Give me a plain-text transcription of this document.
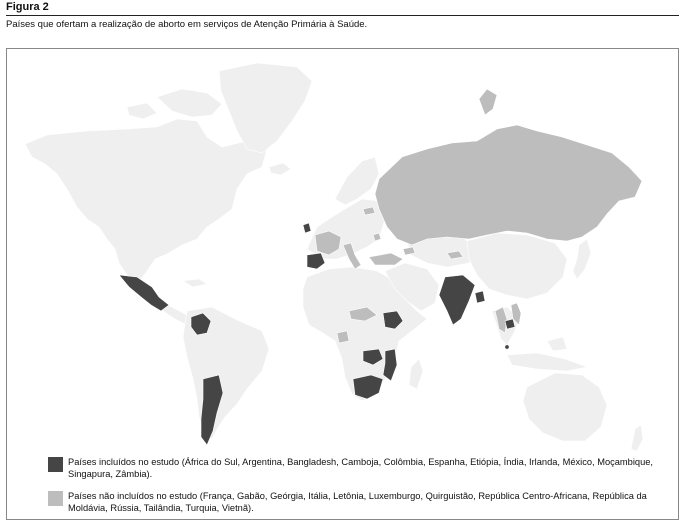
Figura 2
Países que ofertam a realização de aborto em serviços de Atenção Primária à Saúde.
Países incluídos no estudo (África do Sul, Argentina, Bangladesh, Camboja, Colômbia, Espanha, Etiópia, Índia, Irlanda, México, Moçambique, Singapura, Zâmbia).
Países não incluídos no estudo (França, Gabão, Geórgia, Itália, Letônia, Luxemburgo, Quirguistão, República Centro-Africana, República da Moldávia, Rússia, Tailândia, Turquia, Vietnã).
